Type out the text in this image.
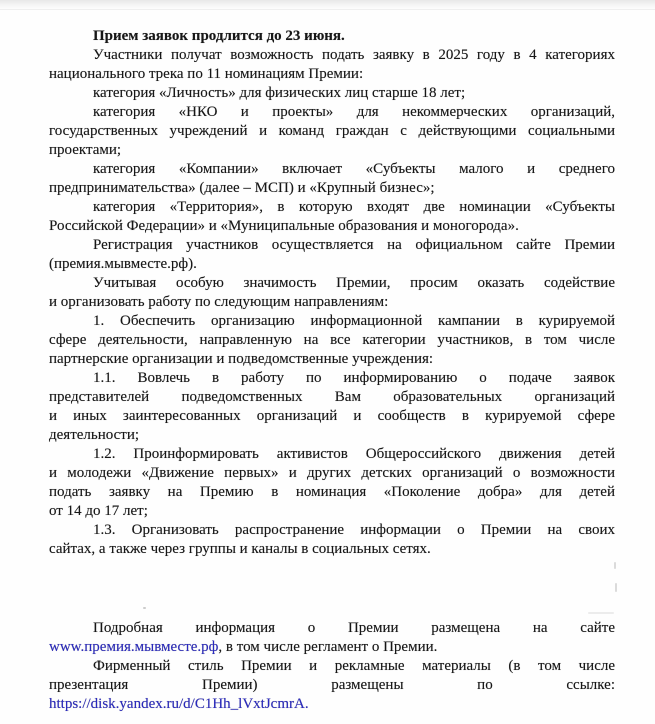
Прием заявок продлится до 23 июня.
Участники получат возможность подать заявку в 2025 году в 4 категориях
национального трека по 11 номинациям Премии:
категория «Личность» для физических лиц старше 18 лет;
категория «НКО и проекты» для некоммерческих организаций,
государственных учреждений и команд граждан с действующими социальными
проектами;
категория «Компании» включает «Субъекты малого и среднего
предпринимательства» (далее – МСП) и «Крупный бизнес»;
категория «Территория», в которую входят две номинации «Субъекты
Российской Федерации» и «Муниципальные образования и моногорода».
Регистрация участников осуществляется на официальном сайте Премии
(премия.мывместе.рф).
Учитывая особую значимость Премии, просим оказать содействие
и организовать работу по следующим направлениям:
1. Обеспечить организацию информационной кампании в курируемой
сфере деятельности, направленную на все категории участников, в том числе
партнерские организации и подведомственные учреждения:
1.1. Вовлечь в работу по информированию о подаче заявок
представителей подведомственных Вам образовательных организаций
и иных заинтересованных организаций и сообществ в курируемой сфере
деятельности;
1.2. Проинформировать активистов Общероссийского движения детей
и молодежи «Движение первых» и других детских организаций о возможности
подать заявку на Премию в номинация «Поколение добра» для детей
от 14 до 17 лет;
1.3. Организовать распространение информации о Премии на своих
сайтах, а также через группы и каналы в социальных сетях.
Подробная информация о Премии размещена на сайте
www.премия.мывместе.рф, в том числе регламент о Премии.
Фирменный стиль Премии и рекламные материалы (в том числе
презентация Премии) размещены по ссылке:
https://disk.yandex.ru/d/C1Hh_lVxtJcmrA.
